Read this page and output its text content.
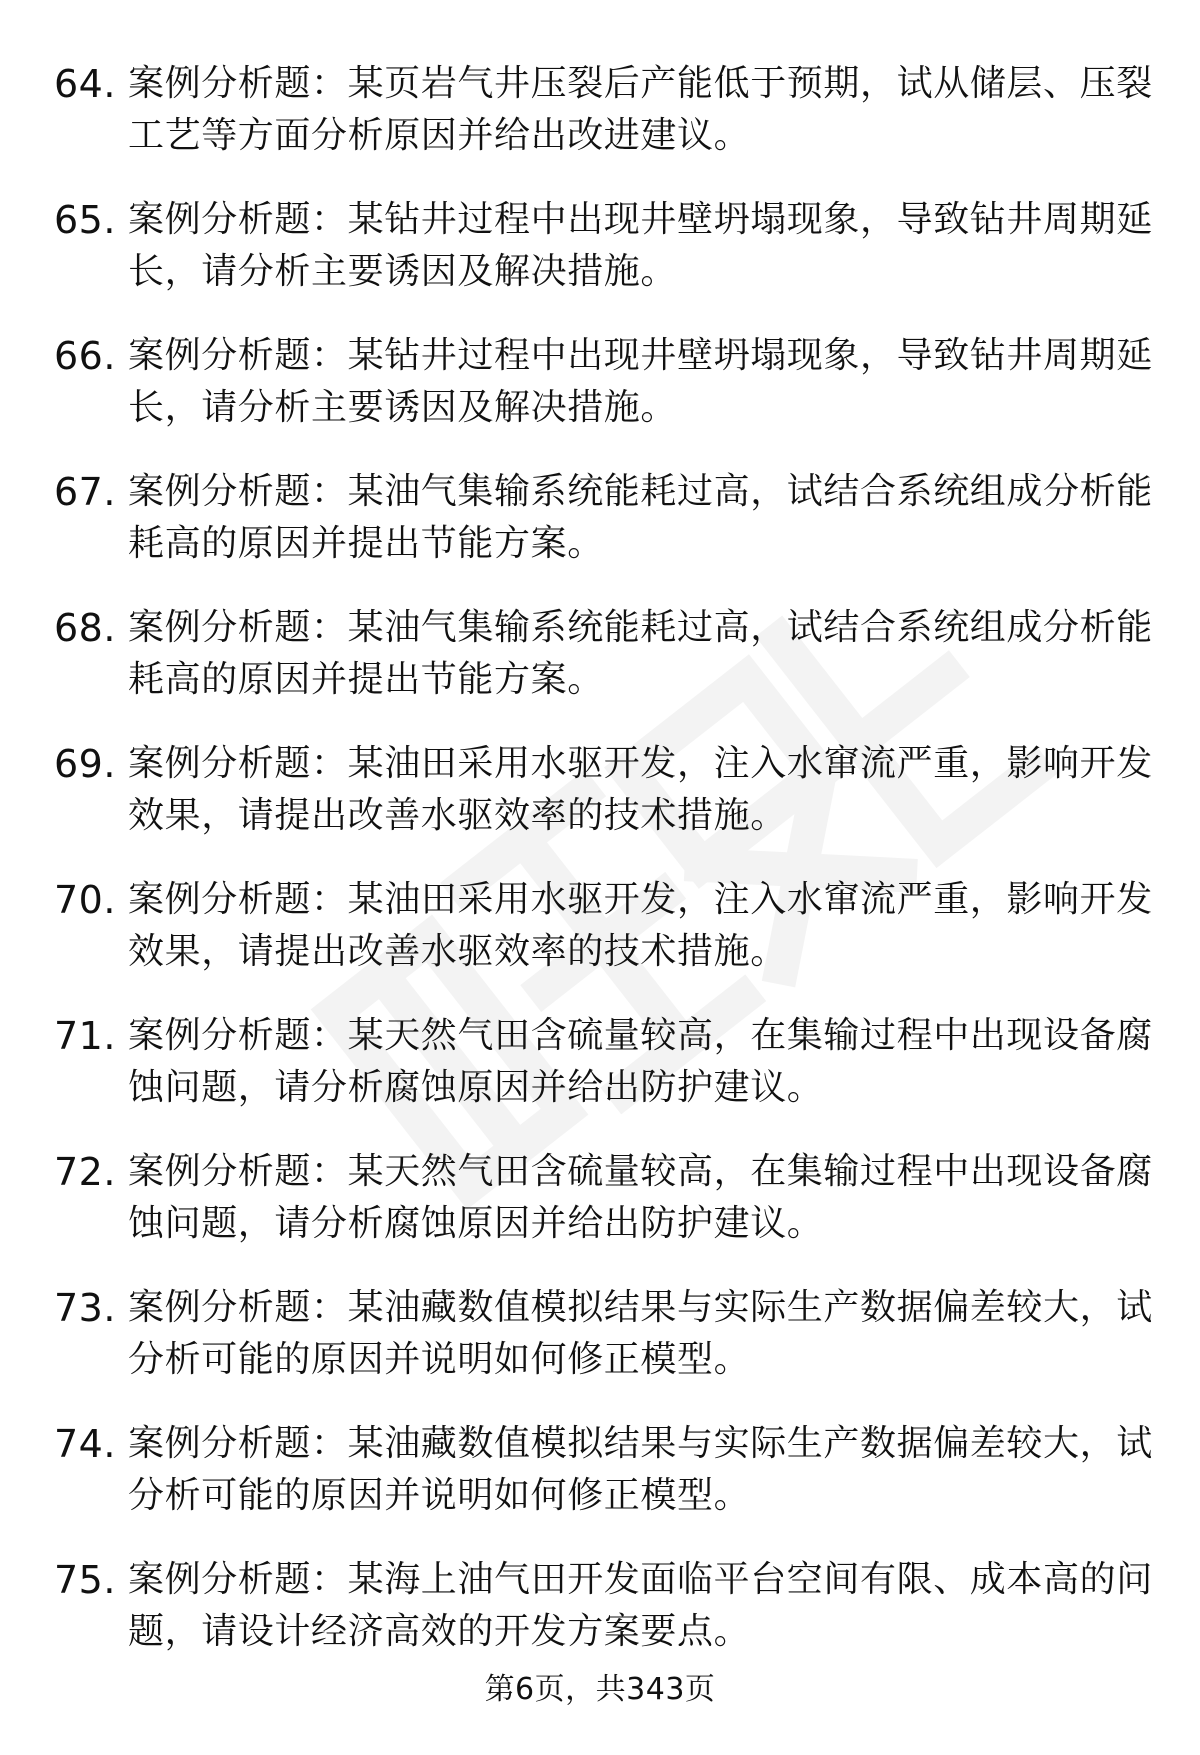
64. 案例分析题：某页岩气井压裂后产能低于预期，试从储层、压裂
工艺等方面分析原因并给出改进建议。
65. 案例分析题：某钻井过程中出现井壁坍塌现象，导致钻井周期延
长，请分析主要诱因及解决措施。
66. 案例分析题：某钻井过程中出现井壁坍塌现象，导致钻井周期延
长，请分析主要诱因及解决措施。
67. 案例分析题：某油气集输系统能耗过高，试结合系统组成分析能
耗高的原因并提出节能方案。
68. 案例分析题：某油气集输系统能耗过高，试结合系统组成分析能
耗高的原因并提出节能方案。
69. 案例分析题：某油田采用水驱开发，注入水窜流严重，影响开发
效果，请提出改善水驱效率的技术措施。
70. 案例分析题：某油田采用水驱开发，注入水窜流严重，影响开发
效果，请提出改善水驱效率的技术措施。
71. 案例分析题：某天然气田含硫量较高，在集输过程中出现设备腐
蚀问题，请分析腐蚀原因并给出防护建议。
72. 案例分析题：某天然气田含硫量较高，在集输过程中出现设备腐
蚀问题，请分析腐蚀原因并给出防护建议。
73. 案例分析题：某油藏数值模拟结果与实际生产数据偏差较大，试
分析可能的原因并说明如何修正模型。
74. 案例分析题：某油藏数值模拟结果与实际生产数据偏差较大，试
分析可能的原因并说明如何修正模型。
75. 案例分析题：某海上油气田开发面临平台空间有限、成本高的问
题，请设计经济高效的开发方案要点。
第6页，共343页
